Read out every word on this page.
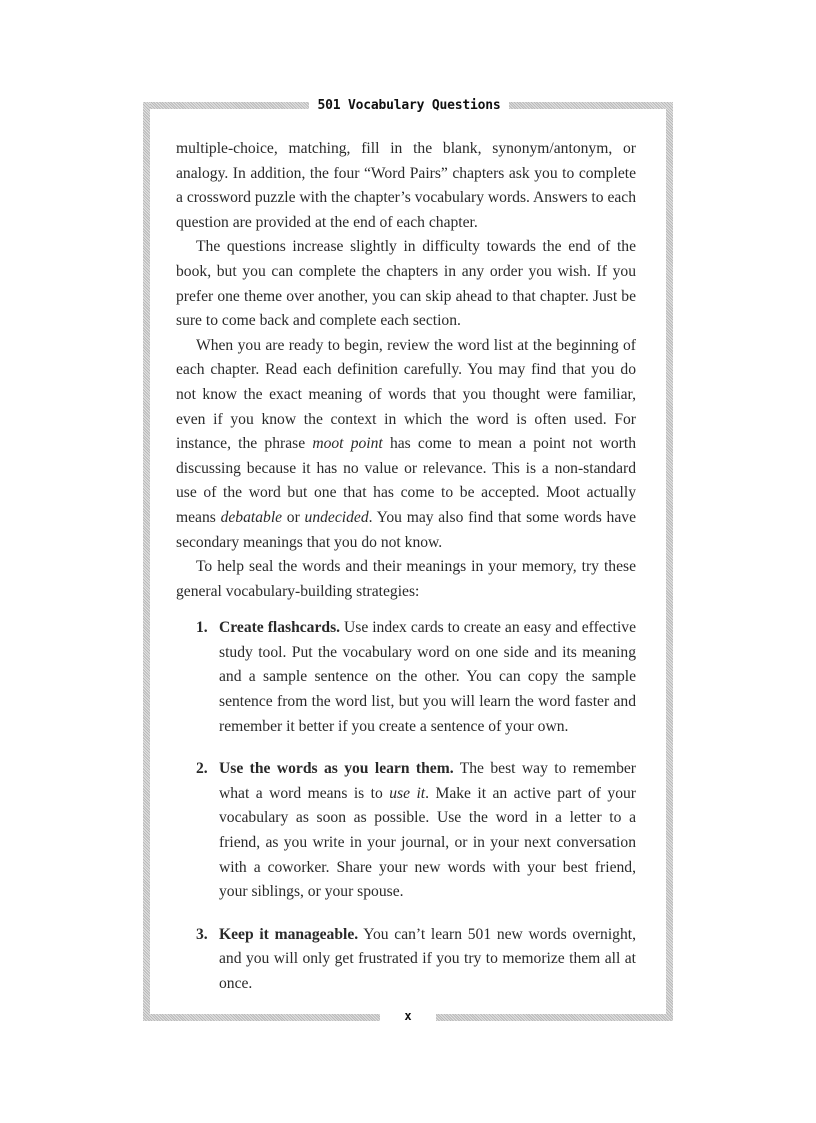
501 Vocabulary Questions

multiple-choice, matching, fill in the blank, synonym/antonym, or analogy. In addition, the four “Word Pairs” chapters ask you to complete a crossword puzzle with the chapter’s vocabulary words. Answers to each question are provided at the end of each chapter.

The questions increase slightly in difficulty towards the end of the book, but you can complete the chapters in any order you wish. If you prefer one theme over another, you can skip ahead to that chapter. Just be sure to come back and complete each section.

When you are ready to begin, review the word list at the beginning of each chapter. Read each definition carefully. You may find that you do not know the exact meaning of words that you thought were familiar, even if you know the context in which the word is often used. For instance, the phrase moot point has come to mean a point not worth discussing because it has no value or relevance. This is a non-standard use of the word but one that has come to be accepted. Moot actually means debatable or undecided. You may also find that some words have secondary meanings that you do not know.

To help seal the words and their meanings in your memory, try these general vocabulary-building strategies:

1. Create flashcards. Use index cards to create an easy and effective study tool. Put the vocabulary word on one side and its meaning and a sample sentence on the other. You can copy the sample sentence from the word list, but you will learn the word faster and remember it better if you create a sentence of your own.
2. Use the words as you learn them. The best way to remember what a word means is to use it. Make it an active part of your vocabulary as soon as possible. Use the word in a letter to a friend, as you write in your journal, or in your next conversation with a coworker. Share your new words with your best friend, your siblings, or your spouse.
3. Keep it manageable. You can’t learn 501 new words overnight, and you will only get frustrated if you try to memorize them all at once.
x
